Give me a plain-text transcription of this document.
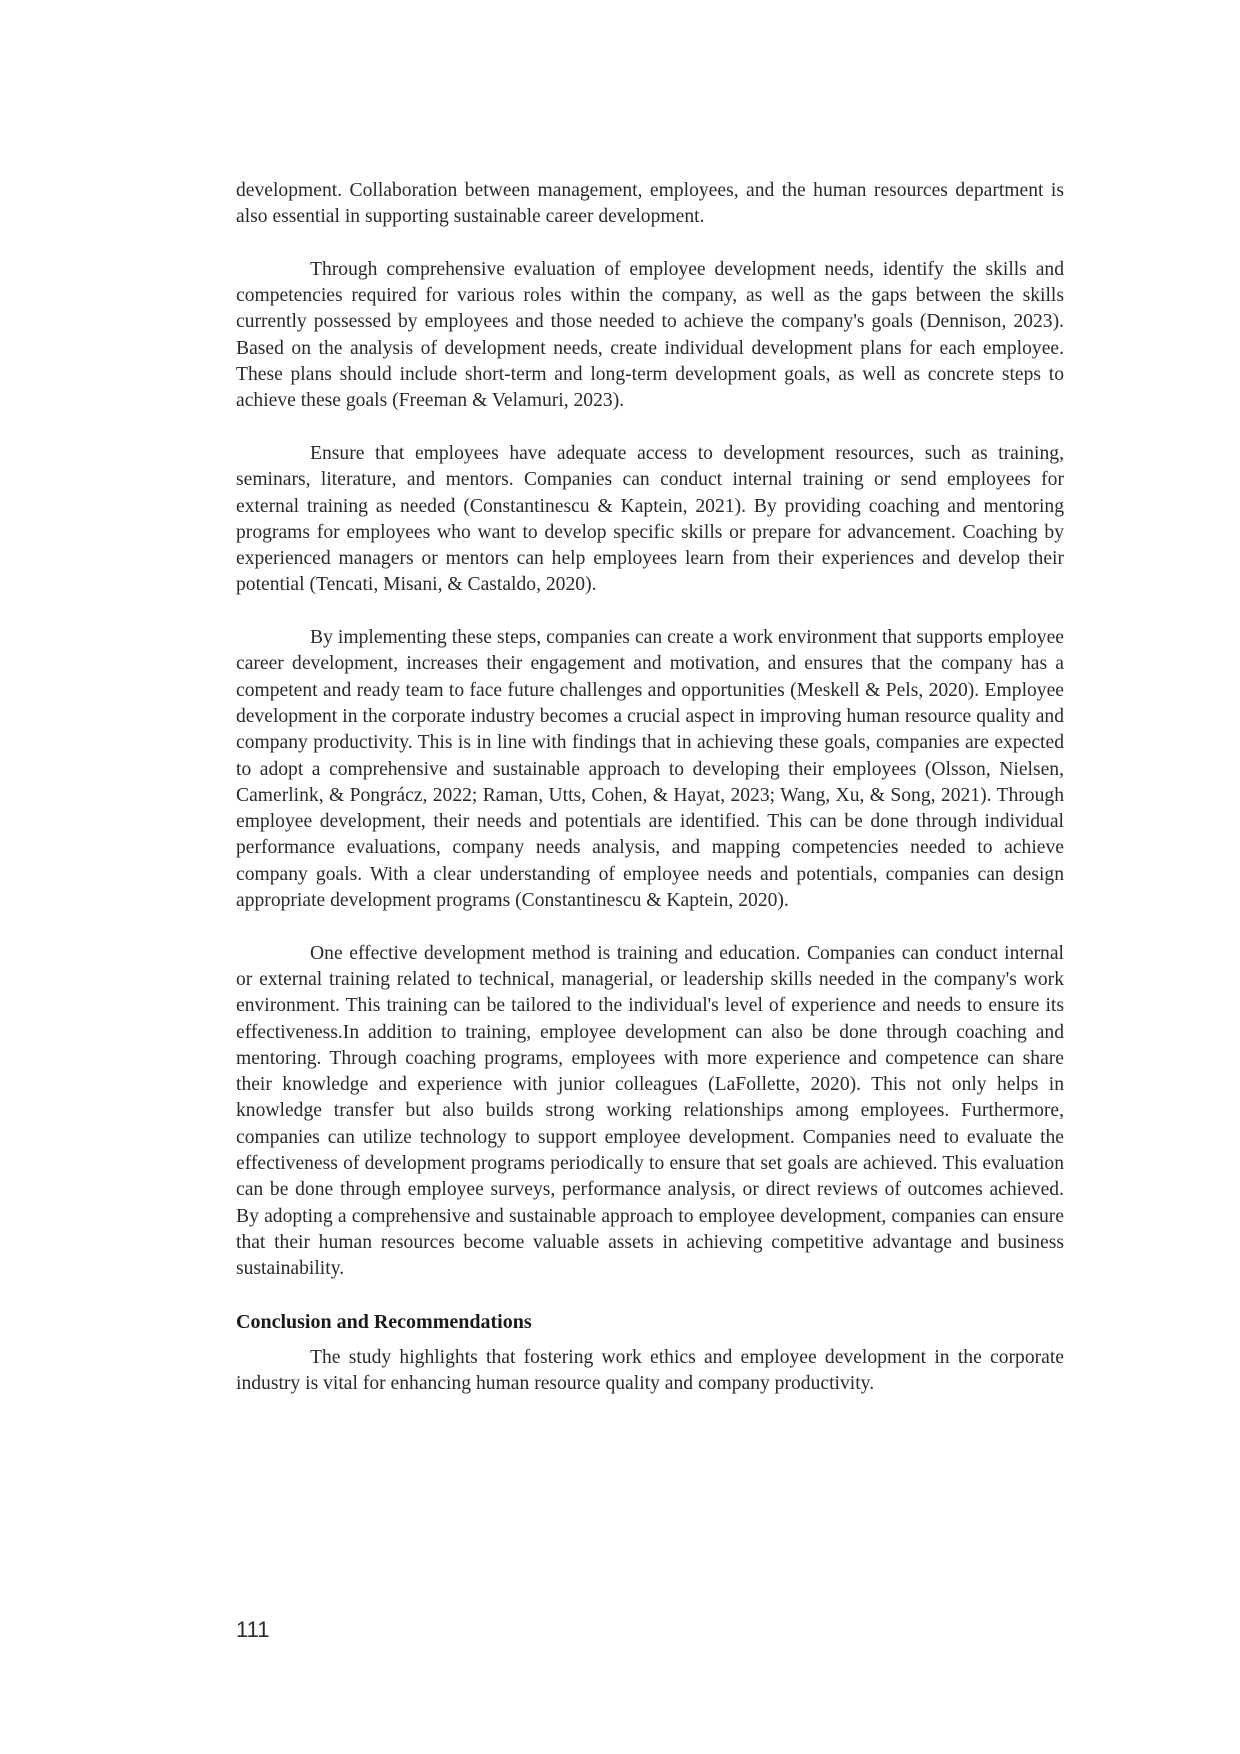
development. Collaboration between management, employees, and the human resources department is also essential in supporting sustainable career development.

Through comprehensive evaluation of employee development needs, identify the skills and competencies required for various roles within the company, as well as the gaps between the skills currently possessed by employees and those needed to achieve the company's goals (Dennison, 2023). Based on the analysis of development needs, create individual development plans for each employee. These plans should include short-term and long-term development goals, as well as concrete steps to achieve these goals (Freeman & Velamuri, 2023).

Ensure that employees have adequate access to development resources, such as training, seminars, literature, and mentors. Companies can conduct internal training or send employees for external training as needed (Constantinescu & Kaptein, 2021). By providing coaching and mentoring programs for employees who want to develop specific skills or prepare for advancement. Coaching by experienced managers or mentors can help employees learn from their experiences and develop their potential (Tencati, Misani, & Castaldo, 2020).

By implementing these steps, companies can create a work environment that supports employee career development, increases their engagement and motivation, and ensures that the company has a competent and ready team to face future challenges and opportunities (Meskell & Pels, 2020). Employee development in the corporate industry becomes a crucial aspect in improving human resource quality and company productivity. This is in line with findings that in achieving these goals, companies are expected to adopt a comprehensive and sustainable approach to developing their employees (Olsson, Nielsen, Camerlink, & Pongrácz, 2022; Raman, Utts, Cohen, & Hayat, 2023; Wang, Xu, & Song, 2021). Through employee development, their needs and potentials are identified. This can be done through individual performance evaluations, company needs analysis, and mapping competencies needed to achieve company goals. With a clear understanding of employee needs and potentials, companies can design appropriate development programs (Constantinescu & Kaptein, 2020).

One effective development method is training and education. Companies can conduct internal or external training related to technical, managerial, or leadership skills needed in the company's work environment. This training can be tailored to the individual's level of experience and needs to ensure its effectiveness.In addition to training, employee development can also be done through coaching and mentoring. Through coaching programs, employees with more experience and competence can share their knowledge and experience with junior colleagues (LaFollette, 2020). This not only helps in knowledge transfer but also builds strong working relationships among employees. Furthermore, companies can utilize technology to support employee development. Companies need to evaluate the effectiveness of development programs periodically to ensure that set goals are achieved. This evaluation can be done through employee surveys, performance analysis, or direct reviews of outcomes achieved. By adopting a comprehensive and sustainable approach to employee development, companies can ensure that their human resources become valuable assets in achieving competitive advantage and business sustainability.

Conclusion and Recommendations

The study highlights that fostering work ethics and employee development in the corporate industry is vital for enhancing human resource quality and company productivity.

111
